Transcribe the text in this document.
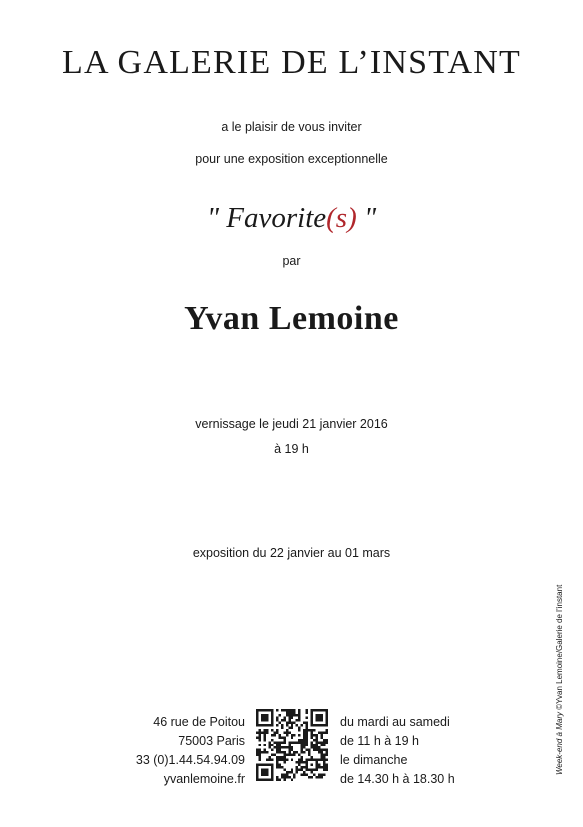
LA GALERIE DE L’INSTANT
a le plaisir de vous inviter
pour une exposition exceptionnelle
" Favorite(s) "
par
Yvan Lemoine
vernissage le jeudi 21 janvier 2016
à 19 h
exposition du 22 janvier au 01 mars
46 rue de Poitou
75003 Paris
33 (0)1.44.54.94.09
yvanlemoine.fr
du mardi au samedi
de 11 h à 19 h
le dimanche
de 14.30 h à 18.30 h
Week-end à Mary ©Yvan Lemoine/Galerie de l’instant
